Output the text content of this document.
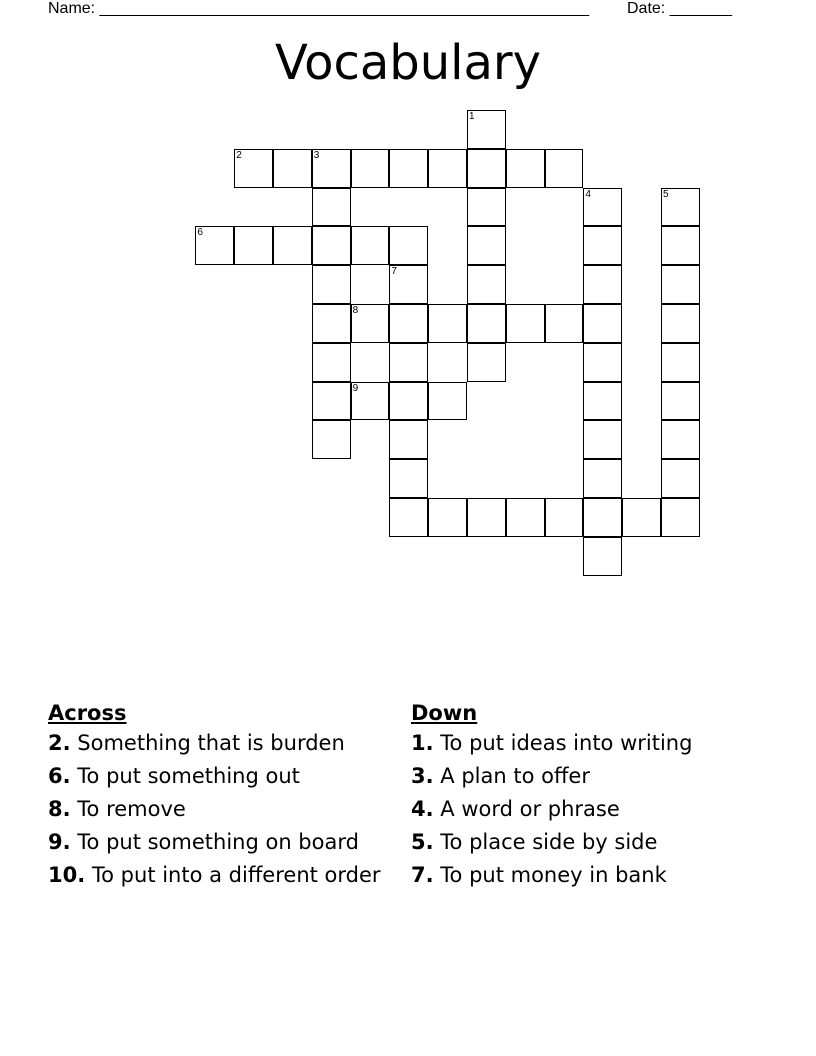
Name: _______________________________________________________ Date: _______
Vocabulary
1
2	3
4	5
6
7
8
9
Across
2. Something that is burden
6. To put something out
8. To remove
9. To put something on board
10. To put into a different order
Down
1. To put ideas into writing
3. A plan to offer
4. A word or phrase
5. To place side by side
7. To put money in bank
